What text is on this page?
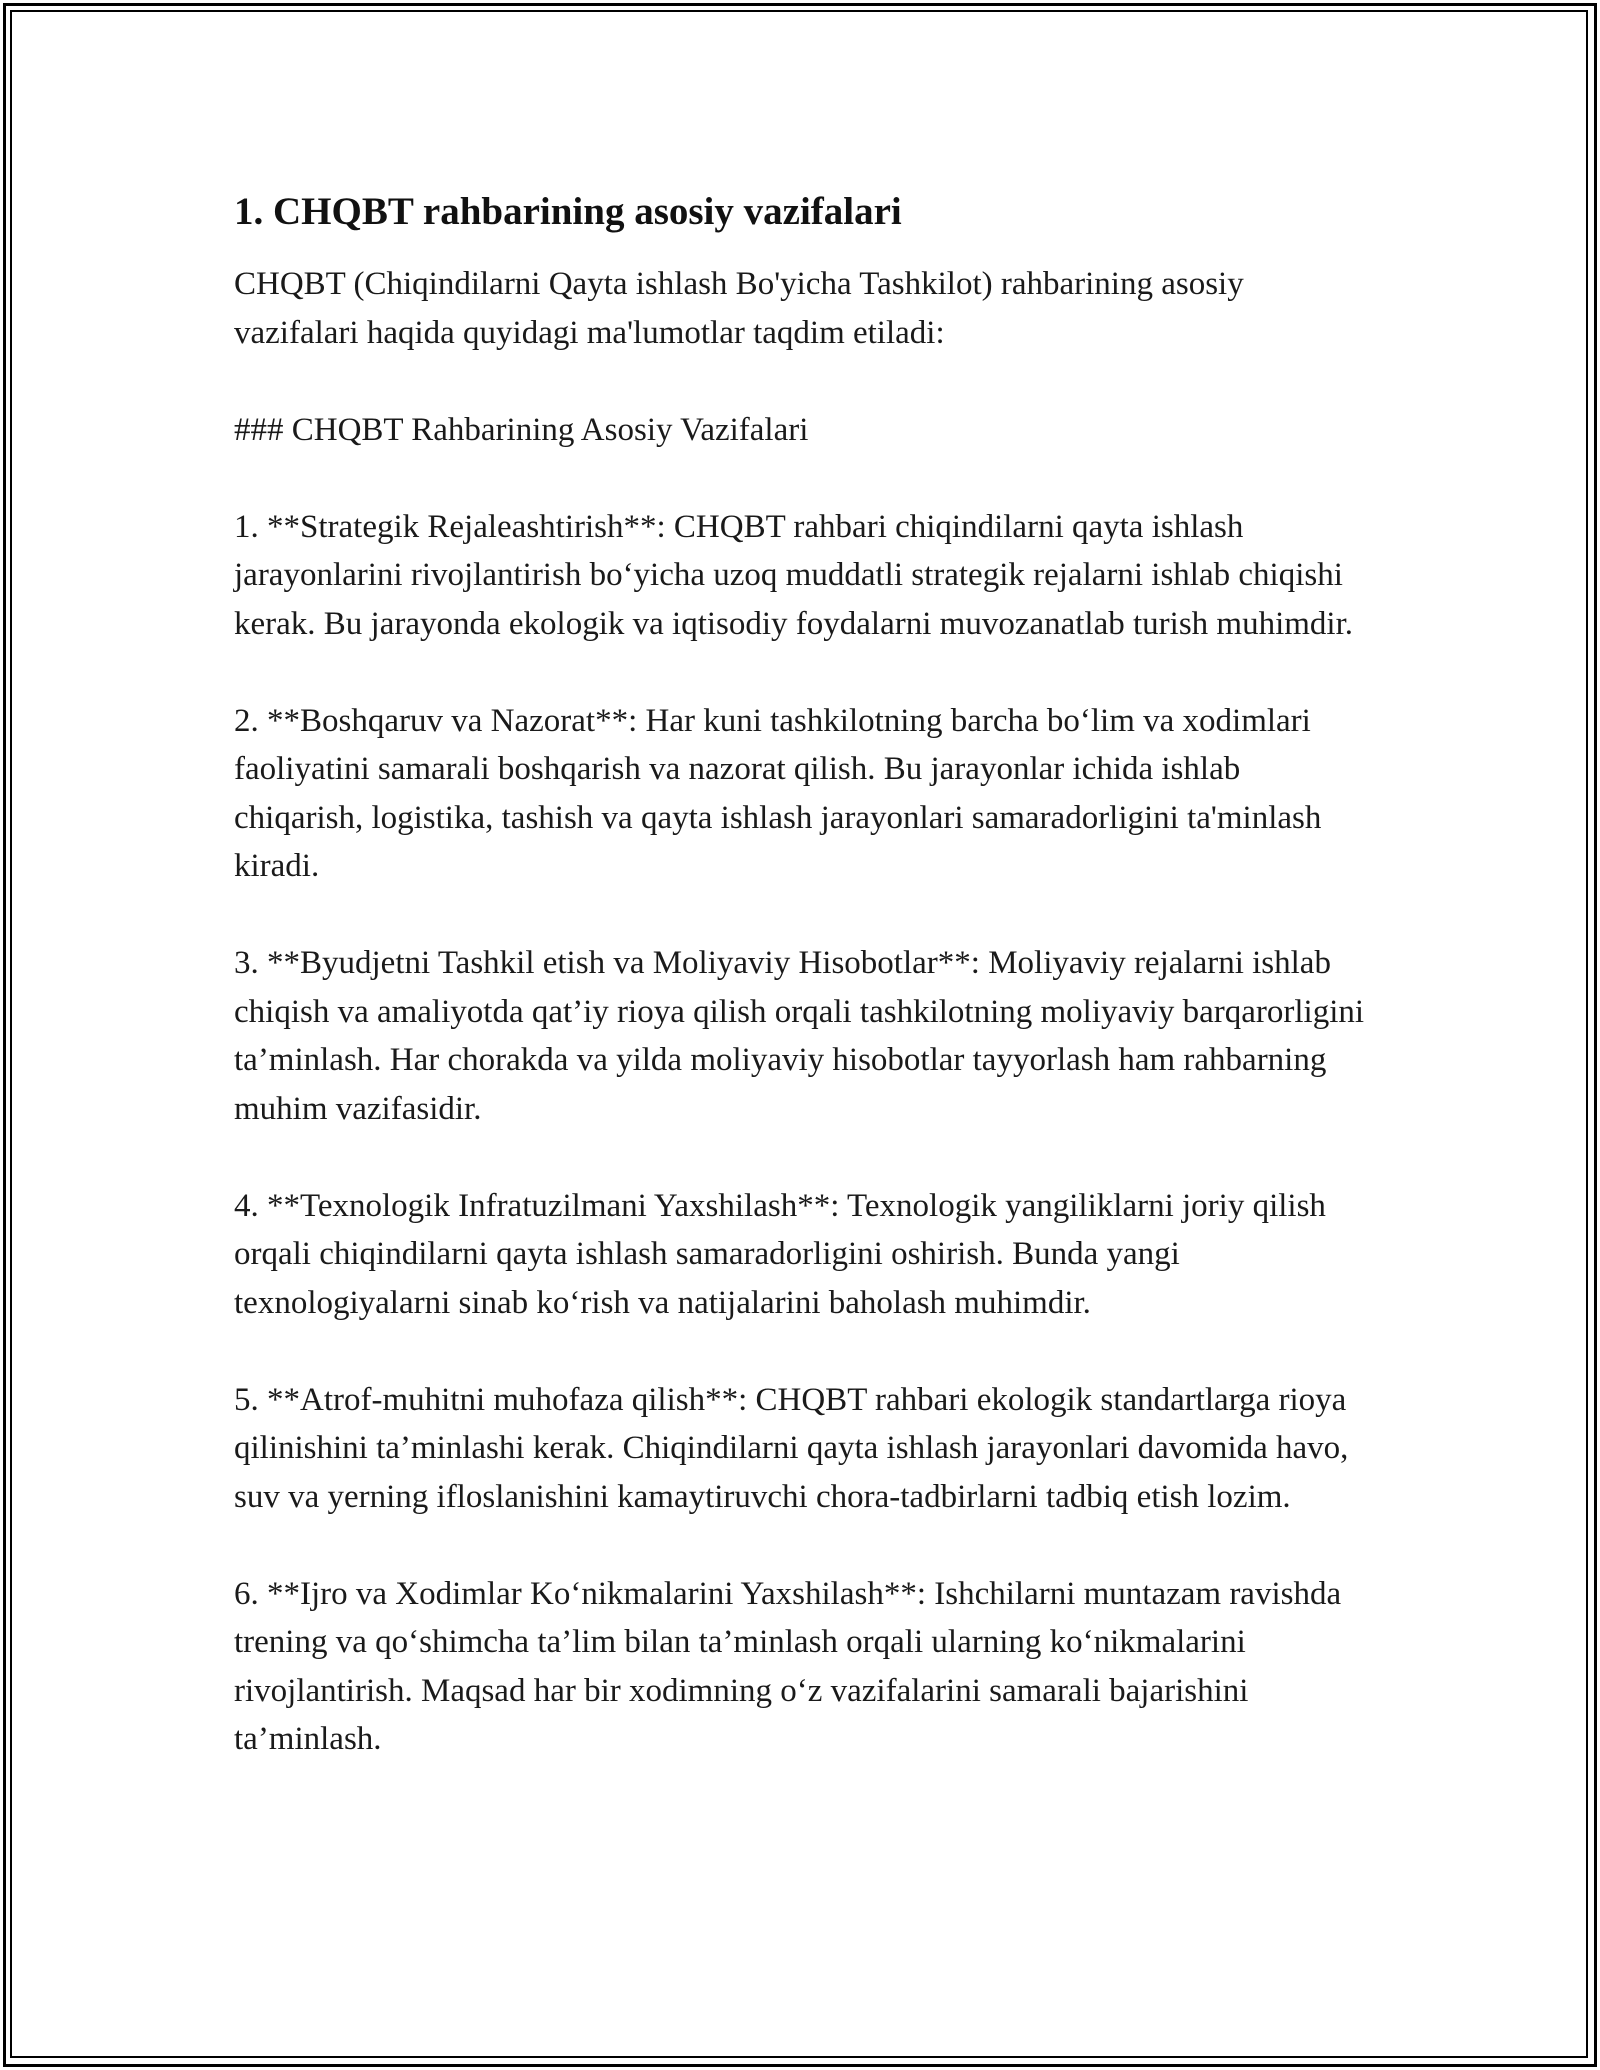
1. CHQBT rahbarining asosiy vazifalari

CHQBT (Chiqindilarni Qayta ishlash Bo'yicha Tashkilot) rahbarining asosiy vazifalari haqida quyidagi ma'lumotlar taqdim etiladi:

### CHQBT Rahbarining Asosiy Vazifalari

1. **Strategik Rejaleashtirish**: CHQBT rahbari chiqindilarni qayta ishlash jarayonlarini rivojlantirish bo‘yicha uzoq muddatli strategik rejalarni ishlab chiqishi kerak. Bu jarayonda ekologik va iqtisodiy foydalarni muvozanatlab turish muhimdir.

2. **Boshqaruv va Nazorat**: Har kuni tashkilotning barcha bo‘lim va xodimlari faoliyatini samarali boshqarish va nazorat qilish. Bu jarayonlar ichida ishlab chiqarish, logistika, tashish va qayta ishlash jarayonlari samaradorligini ta'minlash kiradi.

3. **Byudjetni Tashkil etish va Moliyaviy Hisobotlar**: Moliyaviy rejalarni ishlab chiqish va amaliyotda qat’iy rioya qilish orqali tashkilotning moliyaviy barqarorligini ta’minlash. Har chorakda va yilda moliyaviy hisobotlar tayyorlash ham rahbarning muhim vazifasidir.

4. **Texnologik Infratuzilmani Yaxshilash**: Texnologik yangiliklarni joriy qilish orqali chiqindilarni qayta ishlash samaradorligini oshirish. Bunda yangi texnologiyalarni sinab ko‘rish va natijalarini baholash muhimdir.

5. **Atrof-muhitni muhofaza qilish**: CHQBT rahbari ekologik standartlarga rioya qilinishini ta’minlashi kerak. Chiqindilarni qayta ishlash jarayonlari davomida havo, suv va yerning ifloslanishini kamaytiruvchi chora-tadbirlarni tadbiq etish lozim.

6. **Ijro va Xodimlar Ko‘nikmalarini Yaxshilash**: Ishchilarni muntazam ravishda trening va qo‘shimcha ta’lim bilan ta’minlash orqali ularning ko‘nikmalarini rivojlantirish. Maqsad har bir xodimning o‘z vazifalarini samarali bajarishini ta’minlash.
